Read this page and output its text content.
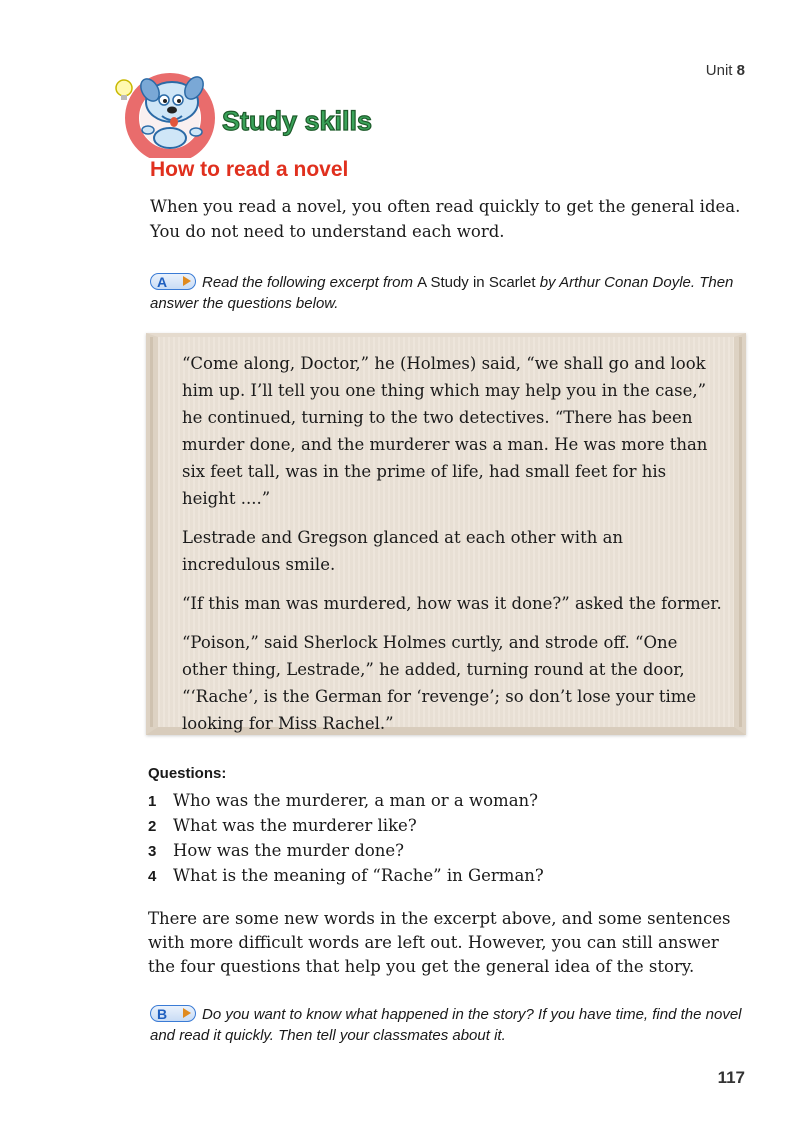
Unit 8
Study skills
How to read a novel
When you read a novel, you often read quickly to get the general idea. You do not need to understand each word.
A Read the following excerpt from A Study in Scarlet by Arthur Conan Doyle. Then answer the questions below.

“Come along, Doctor,” he (Holmes) said, “we shall go and look him up. I’ll tell you one thing which may help you in the case,” he continued, turning to the two detectives. “There has been murder done, and the murderer was a man. He was more than six feet tall, was in the prime of life, had small feet for his height ....”

Lestrade and Gregson glanced at each other with an incredulous smile.

“If this man was murdered, how was it done?” asked the former.

“Poison,” said Sherlock Holmes curtly, and strode off. “One other thing, Lestrade,” he added, turning round at the door, “‘Rache’, is the German for ‘revenge’; so don’t lose your time looking for Miss Rachel.”

Questions:
1 Who was the murderer, a man or a woman?
2 What was the murderer like?
3 How was the murder done?
4 What is the meaning of “Rache” in German?
There are some new words in the excerpt above, and some sentences with more difficult words are left out. However, you can still answer the four questions that help you get the general idea of the story.
B Do you want to know what happened in the story? If you have time, find the novel and read it quickly. Then tell your classmates about it.
117
